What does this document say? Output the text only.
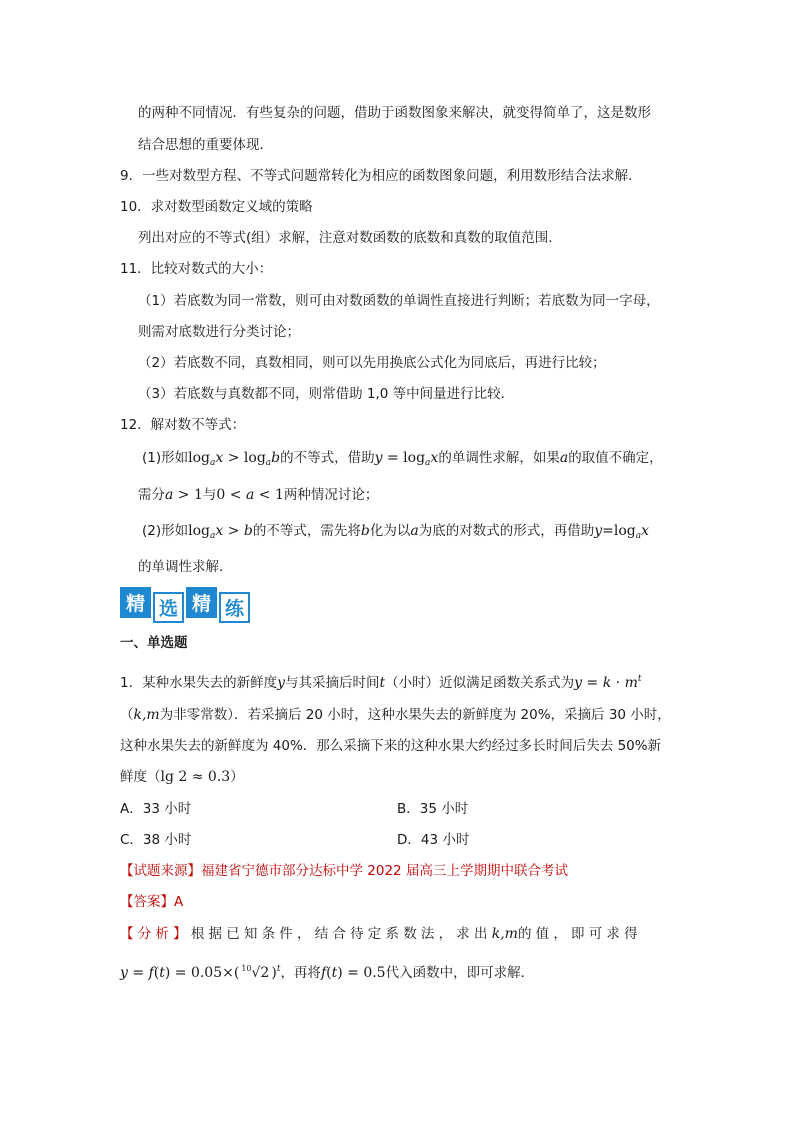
的两种不同情况．有些复杂的问题，借助于函数图象来解决，就变得简单了，这是数形
结合思想的重要体现．
9．一些对数型方程、不等式问题常转化为相应的函数图象问题，利用数形结合法求解.
10．求对数型函数定义域的策略
列出对应的不等式(组）求解，注意对数函数的底数和真数的取值范围.
11．比较对数式的大小：
（1）若底数为同一常数，则可由对数函数的单调性直接进行判断；若底数为同一字母，
则需对底数进行分类讨论；
（2）若底数不同，真数相同，则可以先用换底公式化为同底后，再进行比较；
（3）若底数与真数都不同，则常借助 1,0 等中间量进行比较．
12．解对数不等式：
(1)形如$\log_ax > \log_ab$的不等式，借助$y = \log_ax$的单调性求解，如果a的取值不确定，
需分a > 1与0 < a < 1两种情况讨论；
(2)形如$\log_ax > b$的不等式，需先将b化为以a为底的对数式的形式，再借助$y=\log_ax$
的单调性求解．
精 选 精 练
一、单选题
1．某种水果失去的新鲜度y与其采摘后时间t（小时）近似满足函数关系式为$y = k \cdot m^t$
（k,m为非零常数）．若采摘后 20 小时，这种水果失去的新鲜度为 20%，采摘后 30 小时，
这种水果失去的新鲜度为 40%．那么采摘下来的这种水果大约经过多长时间后失去 50%新
鲜度（lg 2 ≈ 0.3）
A．33 小时	B．35 小时
C．38 小时	D．43 小时
【试题来源】福建省宁德市部分达标中学 2022 届高三上学期期中联合考试
【答案】A
【分析】根据已知条件，结合待定系数法，求出k,m的值，即可求得
y = f(t) = 0.05×( $^{10}$√2 )$^t$，再将f(t) = 0.5代入函数中，即可求解．
